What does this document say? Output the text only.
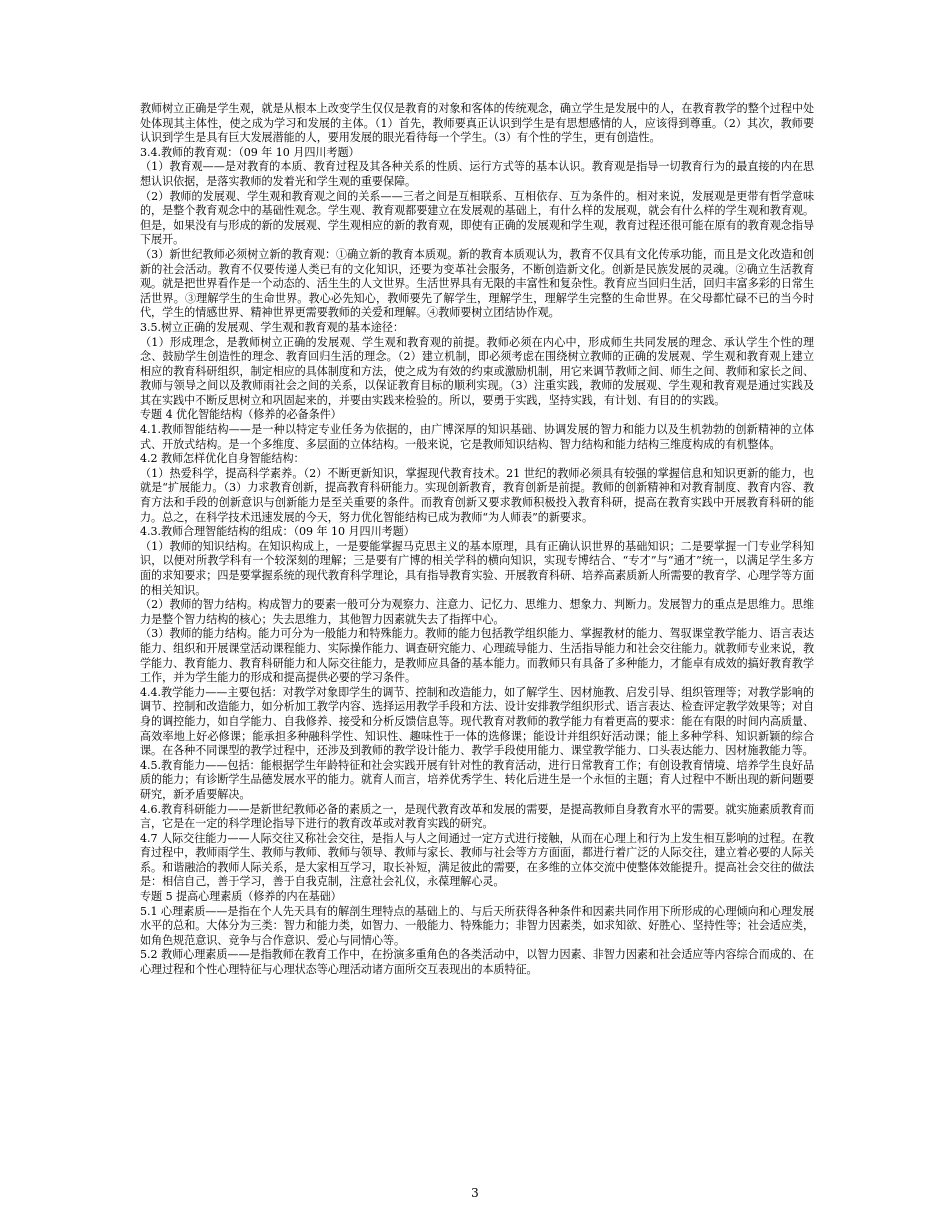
教师树立正确是学生观，就是从根本上改变学生仅仅是教育的对象和客体的传统观念，确立学生是发展中的人，在教育教学的整个过程中处处体现其主体性，使之成为学习和发展的主体。（1）首先，教师要真正认识到学生是有思想感情的人，应该得到尊重。（2）其次，教师要认识到学生是具有巨大发展潜能的人，要用发展的眼光看待每一个学生。（3）有个性的学生，更有创造性。

3.4.教师的教育观：（09 年 10 月四川考题）

（1）教育观——是对教育的本质、教育过程及其各种关系的性质、运行方式等的基本认识。教育观是指导一切教育行为的最直接的内在思想认识依据，是落实教师的发着光和学生观的重要保障。

（2）教师的发展观、学生观和教育观之间的关系——三者之间是互相联系、互相依存、互为条件的。相对来说，发展观是更带有哲学意味的，是整个教育观念中的基础性观念。学生观、教育观都要建立在发展观的基础上，有什么样的发展观，就会有什么样的学生观和教育观。但是，如果没有与形成的新的发展观、学生观相应的新的教育观，即使有正确的发展观和学生观，教育过程还很可能在原有的教育观念指导下展开。

（3）新世纪教师必须树立新的教育观：①确立新的教育本质观。新的教育本质观认为，教育不仅具有文化传承功能，而且是文化改造和创新的社会活动。教育不仅要传递人类已有的文化知识，还要为变革社会服务，不断创造新文化。创新是民族发展的灵魂。②确立生活教育观。就是把世界看作是一个动态的、活生生的人文世界。生活世界具有无限的丰富性和复杂性。教育应当回归生活，回归丰富多彩的日常生活世界。③理解学生的生命世界。教心必先知心，教师要先了解学生，理解学生，理解学生完整的生命世界。在父母都忙碌不已的当今时代，学生的情感世界、精神世界更需要教师的关爱和理解。④教师要树立团结协作观。

3.5.树立正确的发展观、学生观和教育观的基本途径：

（1）形成理念，是教师树立正确的发展观、学生观和教育观的前提。教师必须在内心中，形成师生共同发展的理念、承认学生个性的理念、鼓励学生创造性的理念、教育回归生活的理念。（2）建立机制，即必须考虑在围绕树立教师的正确的发展观、学生观和教育观上建立相应的教育科研组织，制定相应的具体制度和方法，使之成为有效的约束或激励机制，用它来调节教师之间、师生之间、教师和家长之间、教师与领导之间以及教师雨社会之间的关系，以保证教育目标的顺利实现。（3）注重实践，教师的发展观、学生观和教育观是通过实践及其在实践中不断反思树立和巩固起来的，并要由实践来检验的。所以，要勇于实践，坚持实践，有计划、有目的的实践。

专题 4 优化智能结构（修养的必备条件）

4.1.教师智能结构——是一种以特定专业任务为依据的，由广博深厚的知识基础、协调发展的智力和能力以及生机勃勃的创新精神的立体式、开放式结构。是一个多维度、多层面的立体结构。一般来说，它是教师知识结构、智力结构和能力结构三维度构成的有机整体。

4.2 教师怎样优化自身智能结构：

（1）热爱科学，提高科学素养。（2）不断更新知识，掌握现代教育技术。21 世纪的教师必须具有较强的掌握信息和知识更新的能力，也就是“扩展能力。（3）力求教育创新，提高教育科研能力。实现创新教育，教育创新是前提。教师的创新精神和对教育制度、教育内容、教育方法和手段的创新意识与创新能力是至关重要的条件。而教育创新又要求教师积极投入教育科研，提高在教育实践中开展教育科研的能力。总之，在科学技术迅速发展的今天，努力优化智能结构已成为教师“为人师表”的新要求。

4.3.教师合理智能结构的组成：（09 年 10 月四川考题）

（1）教师的知识结构。在知识构成上，一是要能掌握马克思主义的基本原理，具有正确认识世界的基础知识；二是要掌握一门专业学科知识，以便对所教学科有一个较深刻的理解；三是要有广博的相关学科的横向知识，实现专博结合、“专才”与“通才”统一，以满足学生多方面的求知要求；四是要掌握系统的现代教育科学理论，具有指导教育实验、开展教育科研、培养高素质新人所需要的教育学、心理学等方面的相关知识。

（2）教师的智力结构。构成智力的要素一般可分为观察力、注意力、记忆力、思维力、想象力、判断力。发展智力的重点是思维力。思维力是整个智力结构的核心；失去思维力，其他智力因素就失去了指挥中心。

（3）教师的能力结构。能力可分为一般能力和特殊能力。教师的能力包括教学组织能力、掌握教材的能力、驾驭课堂教学能力、语言表达能力、组织和开展课堂活动课程能力、实际操作能力、调查研究能力、心理疏导能力、生活指导能力和社会交往能力。就教师专业来说，教学能力、教育能力、教育科研能力和人际交往能力，是教师应具备的基本能力。而教师只有具备了多种能力，才能卓有成效的搞好教育教学工作，并为学生能力的形成和提高提供必要的学习条件。

4.4.教学能力——主要包括：对教学对象即学生的调节、控制和改造能力，如了解学生、因材施教、启发引导、组织管理等；对教学影响的调节、控制和改造能力，如分析加工教学内容、选择运用教学手段和方法、设计安排教学组织形式、语言表达、检查评定教学效果等；对自身的调控能力，如自学能力、自我修养、接受和分析反馈信息等。现代教育对教师的教学能力有着更高的要求：能在有限的时间内高质量、高效率地上好必修课；能承担多种融科学性、知识性、趣味性于一体的选修课；能设计并组织好活动课；能上多种学科、知识新颖的综合课。在各种不同课型的教学过程中，还涉及到教师的教学设计能力、教学手段使用能力、课堂教学能力、口头表达能力、因材施教能力等。

4.5.教育能力——包括：能根据学生年龄特征和社会实践开展有针对性的教育活动，进行日常教育工作；有创设教育情境、培养学生良好品质的能力；有诊断学生品德发展水平的能力。就育人而言，培养优秀学生、转化后进生是一个永恒的主题；育人过程中不断出现的新问题要研究，新矛盾要解决。

4.6.教育科研能力——是新世纪教师必备的素质之一，是现代教育改革和发展的需要，是提高教师自身教育水平的需要。就实施素质教育而言，它是在一定的科学理论指导下进行的教育改革或对教育实践的研究。

4.7 人际交往能力——人际交往又称社会交往，是指人与人之间通过一定方式进行接触，从而在心理上和行为上发生相互影响的过程。在教育过程中，教师雨学生、教师与教师、教师与领导、教师与家长、教师与社会等方方面面，都进行着广泛的人际交往，建立着必要的人际关系。和谐融洽的教师人际关系，是大家相互学习，取长补短，满足彼此的需要，在多维的立体交流中使整体效能提升。提高社会交往的做法是：相信自己，善于学习，善于自我克制，注意社会礼仪，永葆理解心灵。

专题 5 提高心理素质（修养的内在基础）

5.1 心理素质——是指在个人先天具有的解剖生理特点的基础上的、与后天所获得各种条件和因素共同作用下所形成的心理倾向和心理发展水平的总和。大体分为三类：智力和能力类，如智力、一般能力、特殊能力；非智力因素类，如求知欲、好胜心、坚持性等；社会适应类，如角色规范意识、竞争与合作意识、爱心与同情心等。

5.2 教师心理素质——是指教师在教育工作中，在扮演多重角色的各类活动中，以智力因素、非智力因素和社会适应等内容综合而成的、在心理过程和个性心理特征与心理状态等心理活动诸方面所交互表现出的本质特征。

3
